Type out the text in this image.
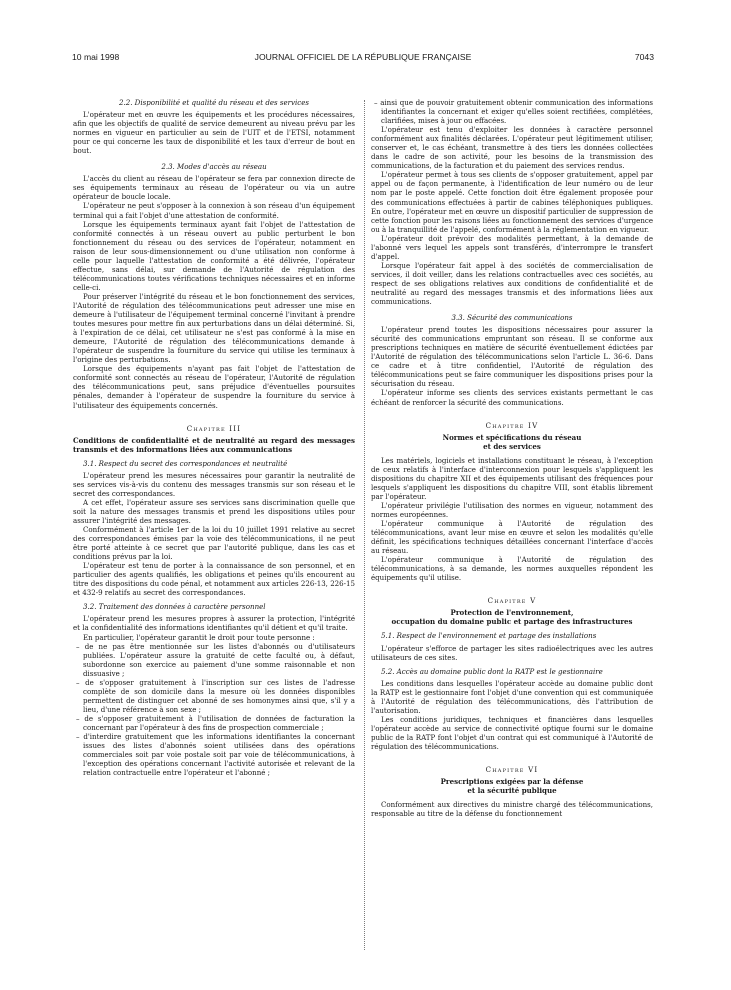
10 mai 1998	JOURNAL OFFICIEL DE LA RÉPUBLIQUE FRANÇAISE	7043
2.2. Disponibilité et qualité du réseau et des services

L'opérateur met en œuvre les équipements et les procédures nécessaires, afin que les objectifs de qualité de service demeurent au niveau prévu par les normes en vigueur en particulier au sein de l'UIT et de l'ETSI, notamment pour ce qui concerne les taux de disponibilité et les taux d'erreur de bout en bout.

2.3. Modes d'accès au réseau

L'accès du client au réseau de l'opérateur se fera par connexion directe de ses équipements terminaux au réseau de l'opérateur ou via un autre opérateur de boucle locale.

L'opérateur ne peut s'opposer à la connexion à son réseau d'un équipement terminal qui a fait l'objet d'une attestation de conformité.

Lorsque les équipements terminaux ayant fait l'objet de l'attestation de conformité connectés à un réseau ouvert au public perturbent le bon fonctionnement du réseau ou des services de l'opérateur, notamment en raison de leur sous-dimensionnement ou d'une utilisation non conforme à celle pour laquelle l'attestation de conformité a été délivrée, l'opérateur effectue, sans délai, sur demande de l'Autorité de régulation des télécommunications toutes vérifications techniques nécessaires et en informe celle-ci.

Pour préserver l'intégrité du réseau et le bon fonctionnement des services, l'Autorité de régulation des télécommunications peut adresser une mise en demeure à l'utilisateur de l'équipement terminal concerné l'invitant à prendre toutes mesures pour mettre fin aux perturbations dans un délai déterminé. Si, à l'expiration de ce délai, cet utilisateur ne s'est pas conformé à la mise en demeure, l'Autorité de régulation des télécommunications demande à l'opérateur de suspendre la fourniture du service qui utilise les terminaux à l'origine des perturbations.

Lorsque des équipements n'ayant pas fait l'objet de l'attestation de conformité sont connectés au réseau de l'opérateur, l'Autorité de régulation des télécommunications peut, sans préjudice d'éventuelles poursuites pénales, demander à l'opérateur de suspendre la fourniture du service à l'utilisateur des équipements concernés.

Chapitre III
Conditions de confidentialité et de neutralité au regard des messages transmis et des informations liées aux communications
3.1. Respect du secret des correspondances et neutralité

L'opérateur prend les mesures nécessaires pour garantir la neutralité de ses services vis-à-vis du contenu des messages transmis sur son réseau et le secret des correspondances.

A cet effet, l'opérateur assure ses services sans discrimination quelle que soit la nature des messages transmis et prend les dispositions utiles pour assurer l'intégrité des messages.

Conformément à l'article 1er de la loi du 10 juillet 1991 relative au secret des correspondances émises par la voie des télécommunications, il ne peut être porté atteinte à ce secret que par l'autorité publique, dans les cas et conditions prévus par la loi.

L'opérateur est tenu de porter à la connaissance de son personnel, et en particulier des agents qualifiés, les obligations et peines qu'ils encourent au titre des dispositions du code pénal, et notamment aux articles 226-13, 226-15 et 432-9 relatifs au secret des correspondances.

3.2. Traitement des données à caractère personnel

L'opérateur prend les mesures propres à assurer la protection, l'intégrité et la confidentialité des informations identifiantes qu'il détient et qu'il traite.

En particulier, l'opérateur garantit le droit pour toute personne :

– de ne pas être mentionnée sur les listes d'abonnés ou d'utilisateurs publiées. L'opérateur assure la gratuité de cette faculté ou, à défaut, subordonne son exercice au paiement d'une somme raisonnable et non dissuasive ;
– de s'opposer gratuitement à l'inscription sur ces listes de l'adresse complète de son domicile dans la mesure où les données disponibles permettent de distinguer cet abonné de ses homonymes ainsi que, s'il y a lieu, d'une référence à son sexe ;
– de s'opposer gratuitement à l'utilisation de données de facturation la concernant par l'opérateur à des fins de prospection commerciale ;
– d'interdire gratuitement que les informations identifiantes la concernant issues des listes d'abonnés soient utilisées dans des opérations commerciales soit par voie postale soit par voie de télécommunications, à l'exception des opérations concernant l'activité autorisée et relevant de la relation contractuelle entre l'opérateur et l'abonné ;
– ainsi que de pouvoir gratuitement obtenir communication des informations identifiantes la concernant et exiger qu'elles soient rectifiées, complétées, clarifiées, mises à jour ou effacées.

L'opérateur est tenu d'exploiter les données à caractère personnel conformément aux finalités déclarées. L'opérateur peut légitimement utiliser, conserver et, le cas échéant, transmettre à des tiers les données collectées dans le cadre de son activité, pour les besoins de la transmission des communications, de la facturation et du paiement des services rendus.

L'opérateur permet à tous ses clients de s'opposer gratuitement, appel par appel ou de façon permanente, à l'identification de leur numéro ou de leur nom par le poste appelé. Cette fonction doit être également proposée pour des communications effectuées à partir de cabines téléphoniques publiques. En outre, l'opérateur met en œuvre un dispositif particulier de suppression de cette fonction pour les raisons liées au fonctionnement des services d'urgence ou à la tranquillité de l'appelé, conformément à la réglementation en vigueur.

L'opérateur doit prévoir des modalités permettant, à la demande de l'abonné vers lequel les appels sont transférés, d'interrompre le transfert d'appel.

Lorsque l'opérateur fait appel à des sociétés de commercialisation de services, il doit veiller, dans les relations contractuelles avec ces sociétés, au respect de ses obligations relatives aux conditions de confidentialité et de neutralité au regard des messages transmis et des informations liées aux communications.

3.3. Sécurité des communications

L'opérateur prend toutes les dispositions nécessaires pour assurer la sécurité des communications empruntant son réseau. Il se conforme aux prescriptions techniques en matière de sécurité éventuellement édictées par l'Autorité de régulation des télécommunications selon l'article L. 36-6. Dans ce cadre et à titre confidentiel, l'Autorité de régulation des télécommunications peut se faire communiquer les dispositions prises pour la sécurisation du réseau.

L'opérateur informe ses clients des services existants permettant le cas échéant de renforcer la sécurité des communications.

Chapitre IV
Normes et spécifications du réseau
et des services

Les matériels, logiciels et installations constituant le réseau, à l'exception de ceux relatifs à l'interface d'interconnexion pour lesquels s'appliquent les dispositions du chapitre XII et des équipements utilisant des fréquences pour lesquels s'appliquent les dispositions du chapitre VIII, sont établis librement par l'opérateur.

L'opérateur privilégie l'utilisation des normes en vigueur, notamment des normes européennes.

L'opérateur communique à l'Autorité de régulation des télécommunications, avant leur mise en œuvre et selon les modalités qu'elle définit, les spécifications techniques détaillées concernant l'interface d'accès au réseau.

L'opérateur communique à l'Autorité de régulation des télécommunications, à sa demande, les normes auxquelles répondent les équipements qu'il utilise.

Chapitre V
Protection de l'environnement,
occupation du domaine public et partage des infrastructures
5.1. Respect de l'environnement et partage des installations

L'opérateur s'efforce de partager les sites radioélectriques avec les autres utilisateurs de ces sites.

5.2. Accès au domaine public dont la RATP est le gestionnaire

Les conditions dans lesquelles l'opérateur accède au domaine public dont la RATP est le gestionnaire font l'objet d'une convention qui est communiquée à l'Autorité de régulation des télécommunications, dès l'attribution de l'autorisation.

Les conditions juridiques, techniques et financières dans lesquelles l'opérateur accède au service de connectivité optique fourni sur le domaine public de la RATP font l'objet d'un contrat qui est communiqué à l'Autorité de régulation des télécommunications.

Chapitre VI
Prescriptions exigées par la défense
et la sécurité publique

Conformément aux directives du ministre chargé des télécommunications, responsable au titre de la défense du fonctionnement
